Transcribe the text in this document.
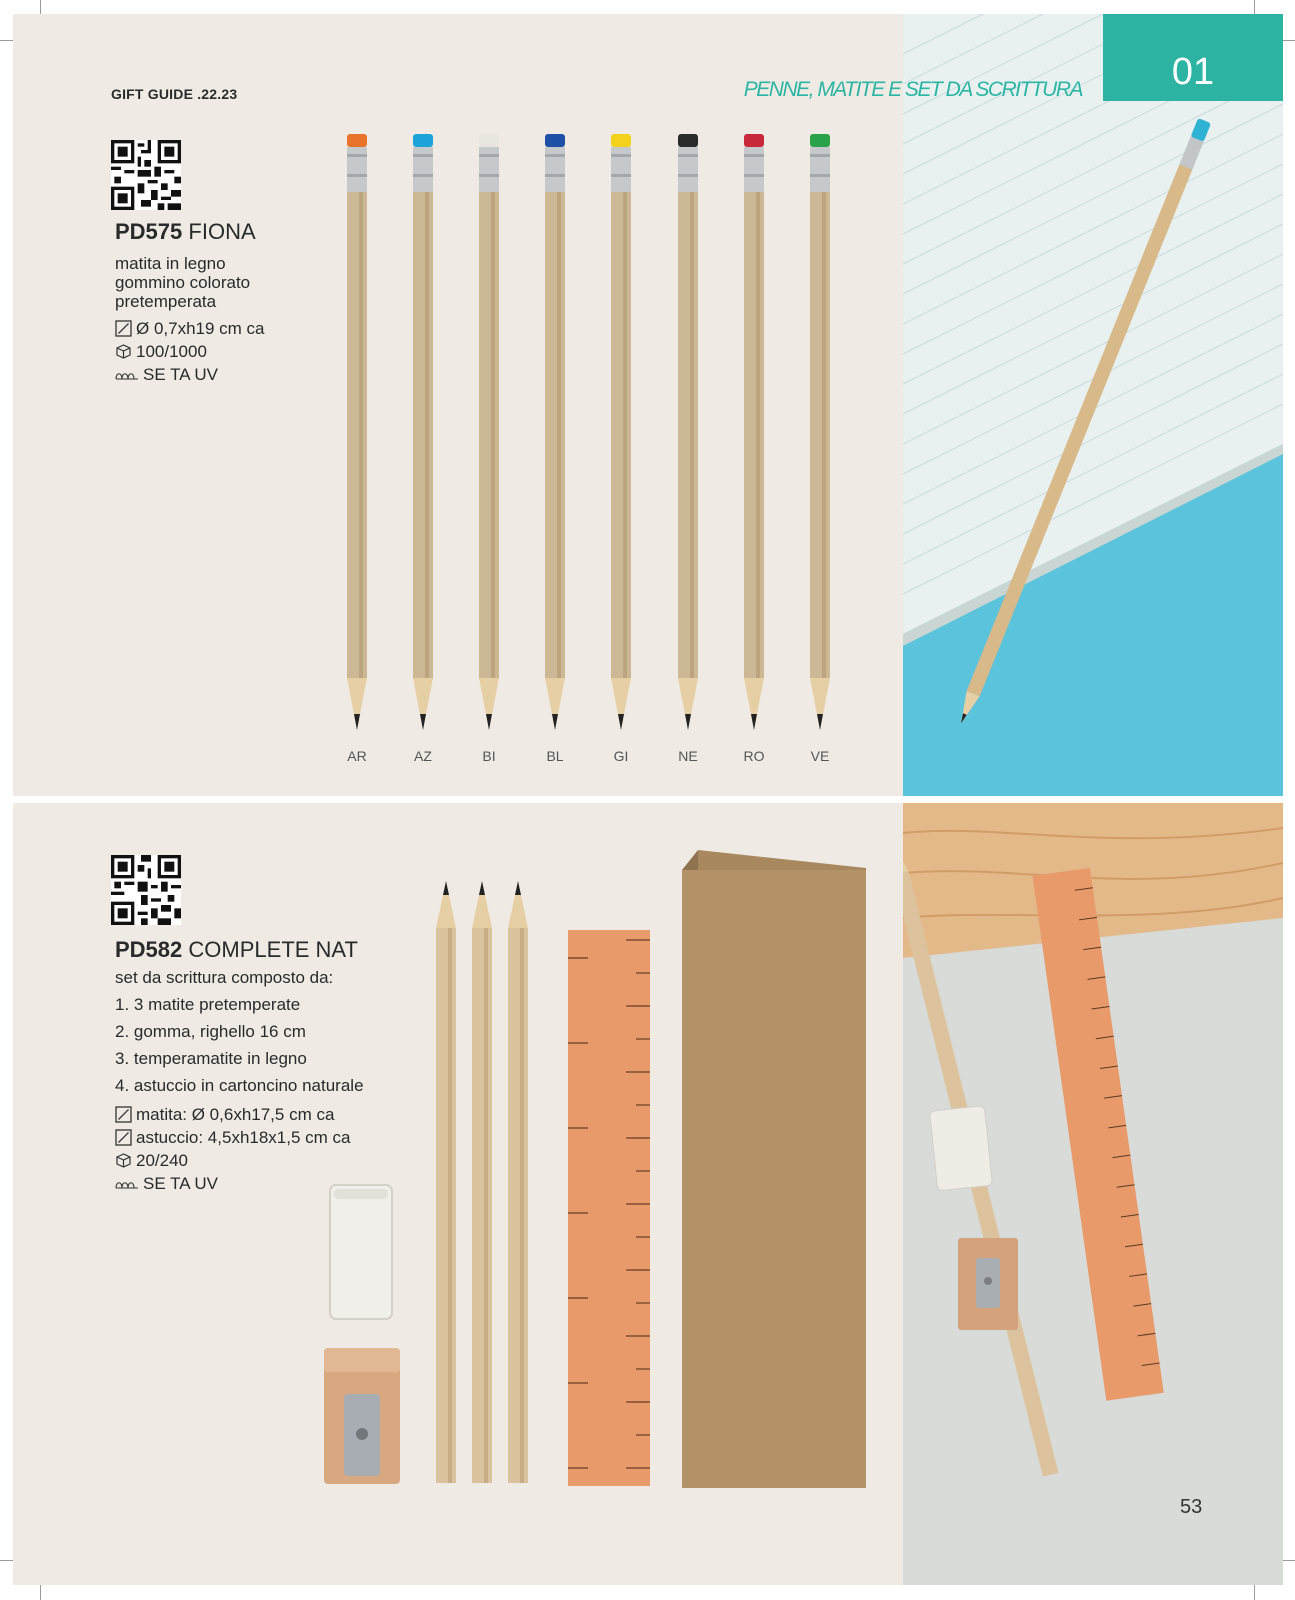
GIFT GUIDE .22.23	PENNE, MATITE E SET DA SCRITTURA	01
PD575 FIONA
matita in legno
gommino colorato
pretemperata
Ø 0,7xh19 cm ca
100/1000
SE TA UV
AR	AZ	BI	BL	GI	NE	RO	VE
PD582 COMPLETE NAT
set da scrittura composto da:
1. 3 matite pretemperate
2. gomma, righello 16 cm
3. temperamatite in legno
4. astuccio in cartoncino naturale
matita: Ø 0,6xh17,5 cm ca
astuccio: 4,5xh18x1,5 cm ca
20/240
SE TA UV
53
